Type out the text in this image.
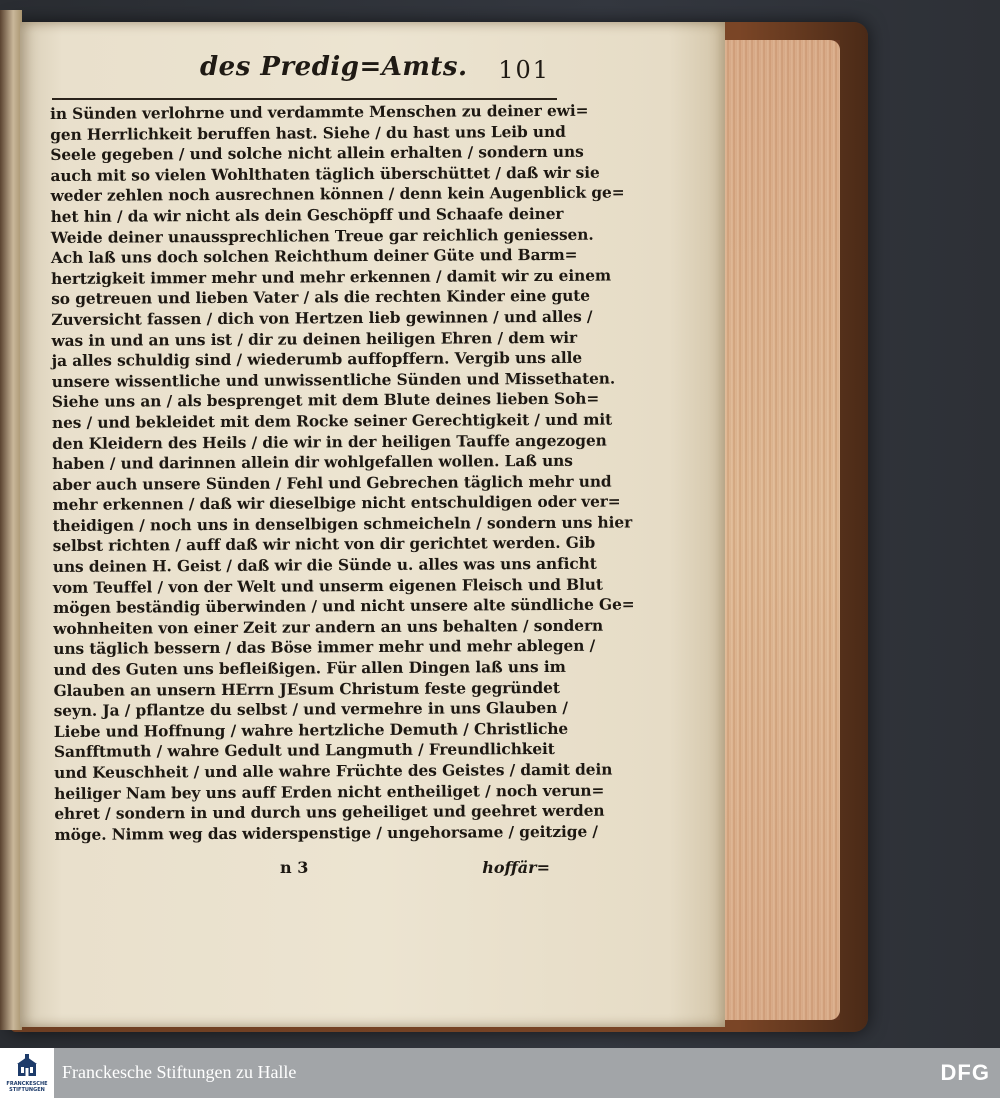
des Predig=Amts. 101
in Sünden verlohrne und verdammte Menschen zu deiner ewi=
gen Herrlichkeit beruffen hast. Siehe / du hast uns Leib und
Seele gegeben / und solche nicht allein erhalten / sondern uns
auch mit so vielen Wohlthaten täglich überschüttet / daß wir sie
weder zehlen noch ausrechnen können / denn kein Augenblick ge=
het hin / da wir nicht als dein Geschöpff und Schaafe deiner
Weide deiner unaussprechlichen Treue gar reichlich geniessen.
Ach laß uns doch solchen Reichthum deiner Güte und Barm=
hertzigkeit immer mehr und mehr erkennen / damit wir zu einem
so getreuen und lieben Vater / als die rechten Kinder eine gute
Zuversicht fassen / dich von Hertzen lieb gewinnen / und alles /
was in und an uns ist / dir zu deinen heiligen Ehren / dem wir
ja alles schuldig sind / wiederumb auffopffern. Vergib uns alle
unsere wissentliche und unwissentliche Sünden und Missethaten.
Siehe uns an / als besprenget mit dem Blute deines lieben Soh=
nes / und bekleidet mit dem Rocke seiner Gerechtigkeit / und mit
den Kleidern des Heils / die wir in der heiligen Tauffe angezogen
haben / und darinnen allein dir wohlgefallen wollen. Laß uns
aber auch unsere Sünden / Fehl und Gebrechen täglich mehr und
mehr erkennen / daß wir dieselbige nicht entschuldigen oder ver=
theidigen / noch uns in denselbigen schmeicheln / sondern uns hier
selbst richten / auff daß wir nicht von dir gerichtet werden. Gib
uns deinen H. Geist / daß wir die Sünde u. alles was uns anficht
vom Teuffel / von der Welt und unserm eigenen Fleisch und Blut
mögen beständig überwinden / und nicht unsere alte sündliche Ge=
wohnheiten von einer Zeit zur andern an uns behalten / sondern
uns täglich bessern / das Böse immer mehr und mehr ablegen /
und des Guten uns befleißigen. Für allen Dingen laß uns im
Glauben an unsern HErrn JEsum Christum feste gegründet
seyn. Ja / pflantze du selbst / und vermehre in uns Glauben /
Liebe und Hoffnung / wahre hertzliche Demuth / Christliche
Sanfftmuth / wahre Gedult und Langmuth / Freundlichkeit
und Keuschheit / und alle wahre Früchte des Geistes / damit dein
heiliger Nam bey uns auff Erden nicht entheiliget / noch verun=
ehret / sondern in und durch uns geheiliget und geehret werden
möge. Nimm weg das widerspenstige / ungehorsame / geitzige /
n 3	hoffär=
FRANCKESCHE
STIFTUNGEN
Franckesche Stiftungen zu Halle	DFG
